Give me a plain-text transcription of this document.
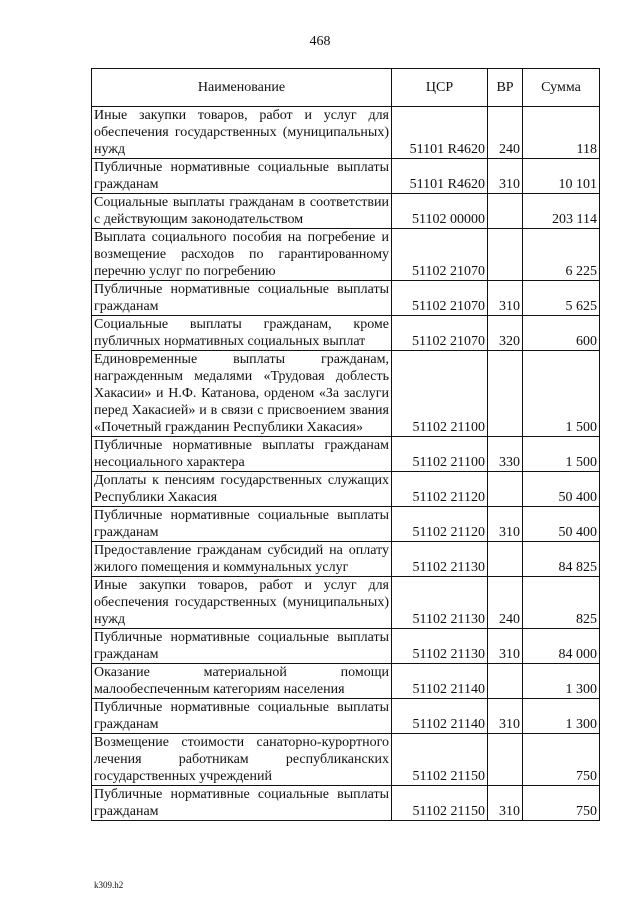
468
Наименование	ЦСР	ВР	Сумма
Иные закупки товаров, работ и услуг для обеспечения государственных (муниципальных) нужд	51101 R4620	240	118
Публичные нормативные социальные выплаты гражданам	51101 R4620	310	10 101
Социальные выплаты гражданам в соответствии с действующим законодательством	51102 00000		203 114
Выплата социального пособия на погребение и возмещение расходов по гарантированному перечню услуг по погребению	51102 21070		6 225
Публичные нормативные социальные выплаты гражданам	51102 21070	310	5 625
Социальные выплаты гражданам, кроме публичных нормативных социальных выплат	51102 21070	320	600
Единовременные выплаты гражданам, награжденным медалями «Трудовая доблесть Хакасии» и Н.Ф. Катанова, орденом «За заслуги перед Хакасией» и в связи с присвоением звания «Почетный гражданин Республики Хакасия»	51102 21100		1 500
Публичные нормативные выплаты гражданам несоциального характера	51102 21100	330	1 500
Доплаты к пенсиям государственных служащих Республики Хакасия	51102 21120		50 400
Публичные нормативные социальные выплаты гражданам	51102 21120	310	50 400
Предоставление гражданам субсидий на оплату жилого помещения и коммунальных услуг	51102 21130		84 825
Иные закупки товаров, работ и услуг для обеспечения государственных (муниципальных) нужд	51102 21130	240	825
Публичные нормативные социальные выплаты гражданам	51102 21130	310	84 000
Оказание материальной помощи малообеспеченным категориям населения	51102 21140		1 300
Публичные нормативные социальные выплаты гражданам	51102 21140	310	1 300
Возмещение стоимости санаторно-курортного лечения работникам республиканских государственных учреждений	51102 21150		750
Публичные нормативные социальные выплаты гражданам	51102 21150	310	750
k309.h2
